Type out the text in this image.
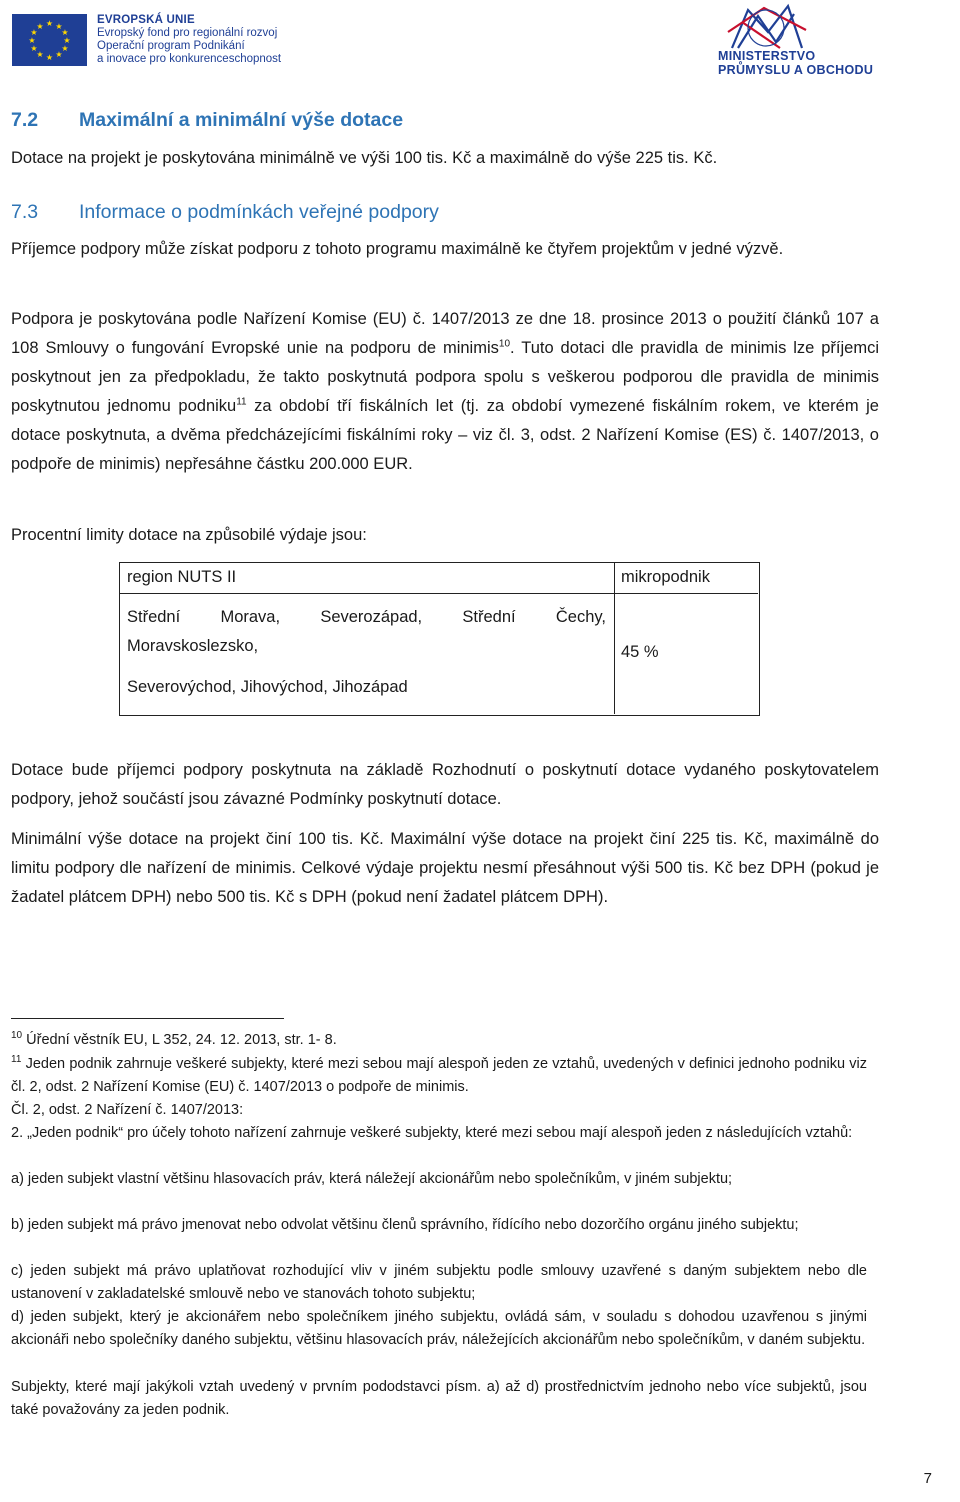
★ ★
★
★
★
★
★
★
★
★
★
★
EVROPSKÁ UNIE
Evropský fond pro regionální rozvoj
Operační program Podnikání
a inovace pro konkurenceschopnost	MINISTERSTVO
PRŮMYSLU A OBCHODU
7.2 Maximální a minimální výše dotace
Dotace na projekt je poskytována minimálně ve výši 100 tis. Kč a maximálně do výše 225 tis. Kč.
7.3 Informace o podmínkách veřejné podpory
Příjemce podpory může získat podporu z tohoto programu maximálně ke čtyřem projektům v jedné výzvě.
Podpora je poskytována podle Nařízení Komise (EU) č. 1407/2013 ze dne 18. prosince 2013 o použití článků 107 a 108 Smlouvy o fungování Evropské unie na podporu de minimis$^{10}$. Tuto dotaci dle pravidla de minimis lze příjemci poskytnout jen za předpokladu, že takto poskytnutá podpora spolu s veškerou podporou dle pravidla de minimis poskytnutou jednomu podniku$^{11}$ za období tří fiskálních let (tj. za období vymezené fiskálním rokem, ve kterém je dotace poskytnuta, a dvěma předcházejícími fiskálními roky – viz čl. 3, odst. 2 Nařízení Komise (ES) č. 1407/2013, o podpoře de minimis) nepřesáhne částku 200.000 EUR.
Procentní limity dotace na způsobilé výdaje jsou:
region NUTS II	mikropodnik
Střední Morava, Severozápad, Střední Čechy,
Moravskoslezsko,
Severovýchod, Jihovýchod, Jihozápad
45 %
Dotace bude příjemci podpory poskytnuta na základě Rozhodnutí o poskytnutí dotace vydaného poskytovatelem podpory, jehož součástí jsou závazné Podmínky poskytnutí dotace.
Minimální výše dotace na projekt činí 100 tis. Kč. Maximální výše dotace na projekt činí 225 tis. Kč, maximálně do limitu podpory dle nařízení de minimis. Celkové výdaje projektu nesmí přesáhnout výši 500 tis. Kč bez DPH (pokud je žadatel plátcem DPH) nebo 500 tis. Kč s DPH (pokud není žadatel plátcem DPH).
$^{10}$ Úřední věstník EU, L 352, 24. 12. 2013, str. 1- 8.
$^{11}$ Jeden podnik zahrnuje veškeré subjekty, které mezi sebou mají alespoň jeden ze vztahů, uvedených v definici jednoho podniku viz čl. 2, odst. 2 Nařízení Komise (EU) č. 1407/2013 o podpoře de minimis.
Čl. 2, odst. 2 Nařízení č. 1407/2013:
2. „Jeden podnik“ pro účely tohoto nařízení zahrnuje veškeré subjekty, které mezi sebou mají alespoň jeden z následujících vztahů:
a) jeden subjekt vlastní většinu hlasovacích práv, která náležejí akcionářům nebo společníkům, v jiném subjektu;
b) jeden subjekt má právo jmenovat nebo odvolat většinu členů správního, řídícího nebo dozorčího orgánu jiného subjektu;
c) jeden subjekt má právo uplatňovat rozhodující vliv v jiném subjektu podle smlouvy uzavřené s daným subjektem nebo dle ustanovení v zakladatelské smlouvě nebo ve stanovách tohoto subjektu;
d) jeden subjekt, který je akcionářem nebo společníkem jiného subjektu, ovládá sám, v souladu s dohodou uzavřenou s jinými akcionáři nebo společníky daného subjektu, většinu hlasovacích práv, náležejících akcionářům nebo společníkům, v daném subjektu.
Subjekty, které mají jakýkoli vztah uvedený v prvním pododstavci písm. a) až d) prostřednictvím jednoho nebo více subjektů, jsou také považovány za jeden podnik.
7
